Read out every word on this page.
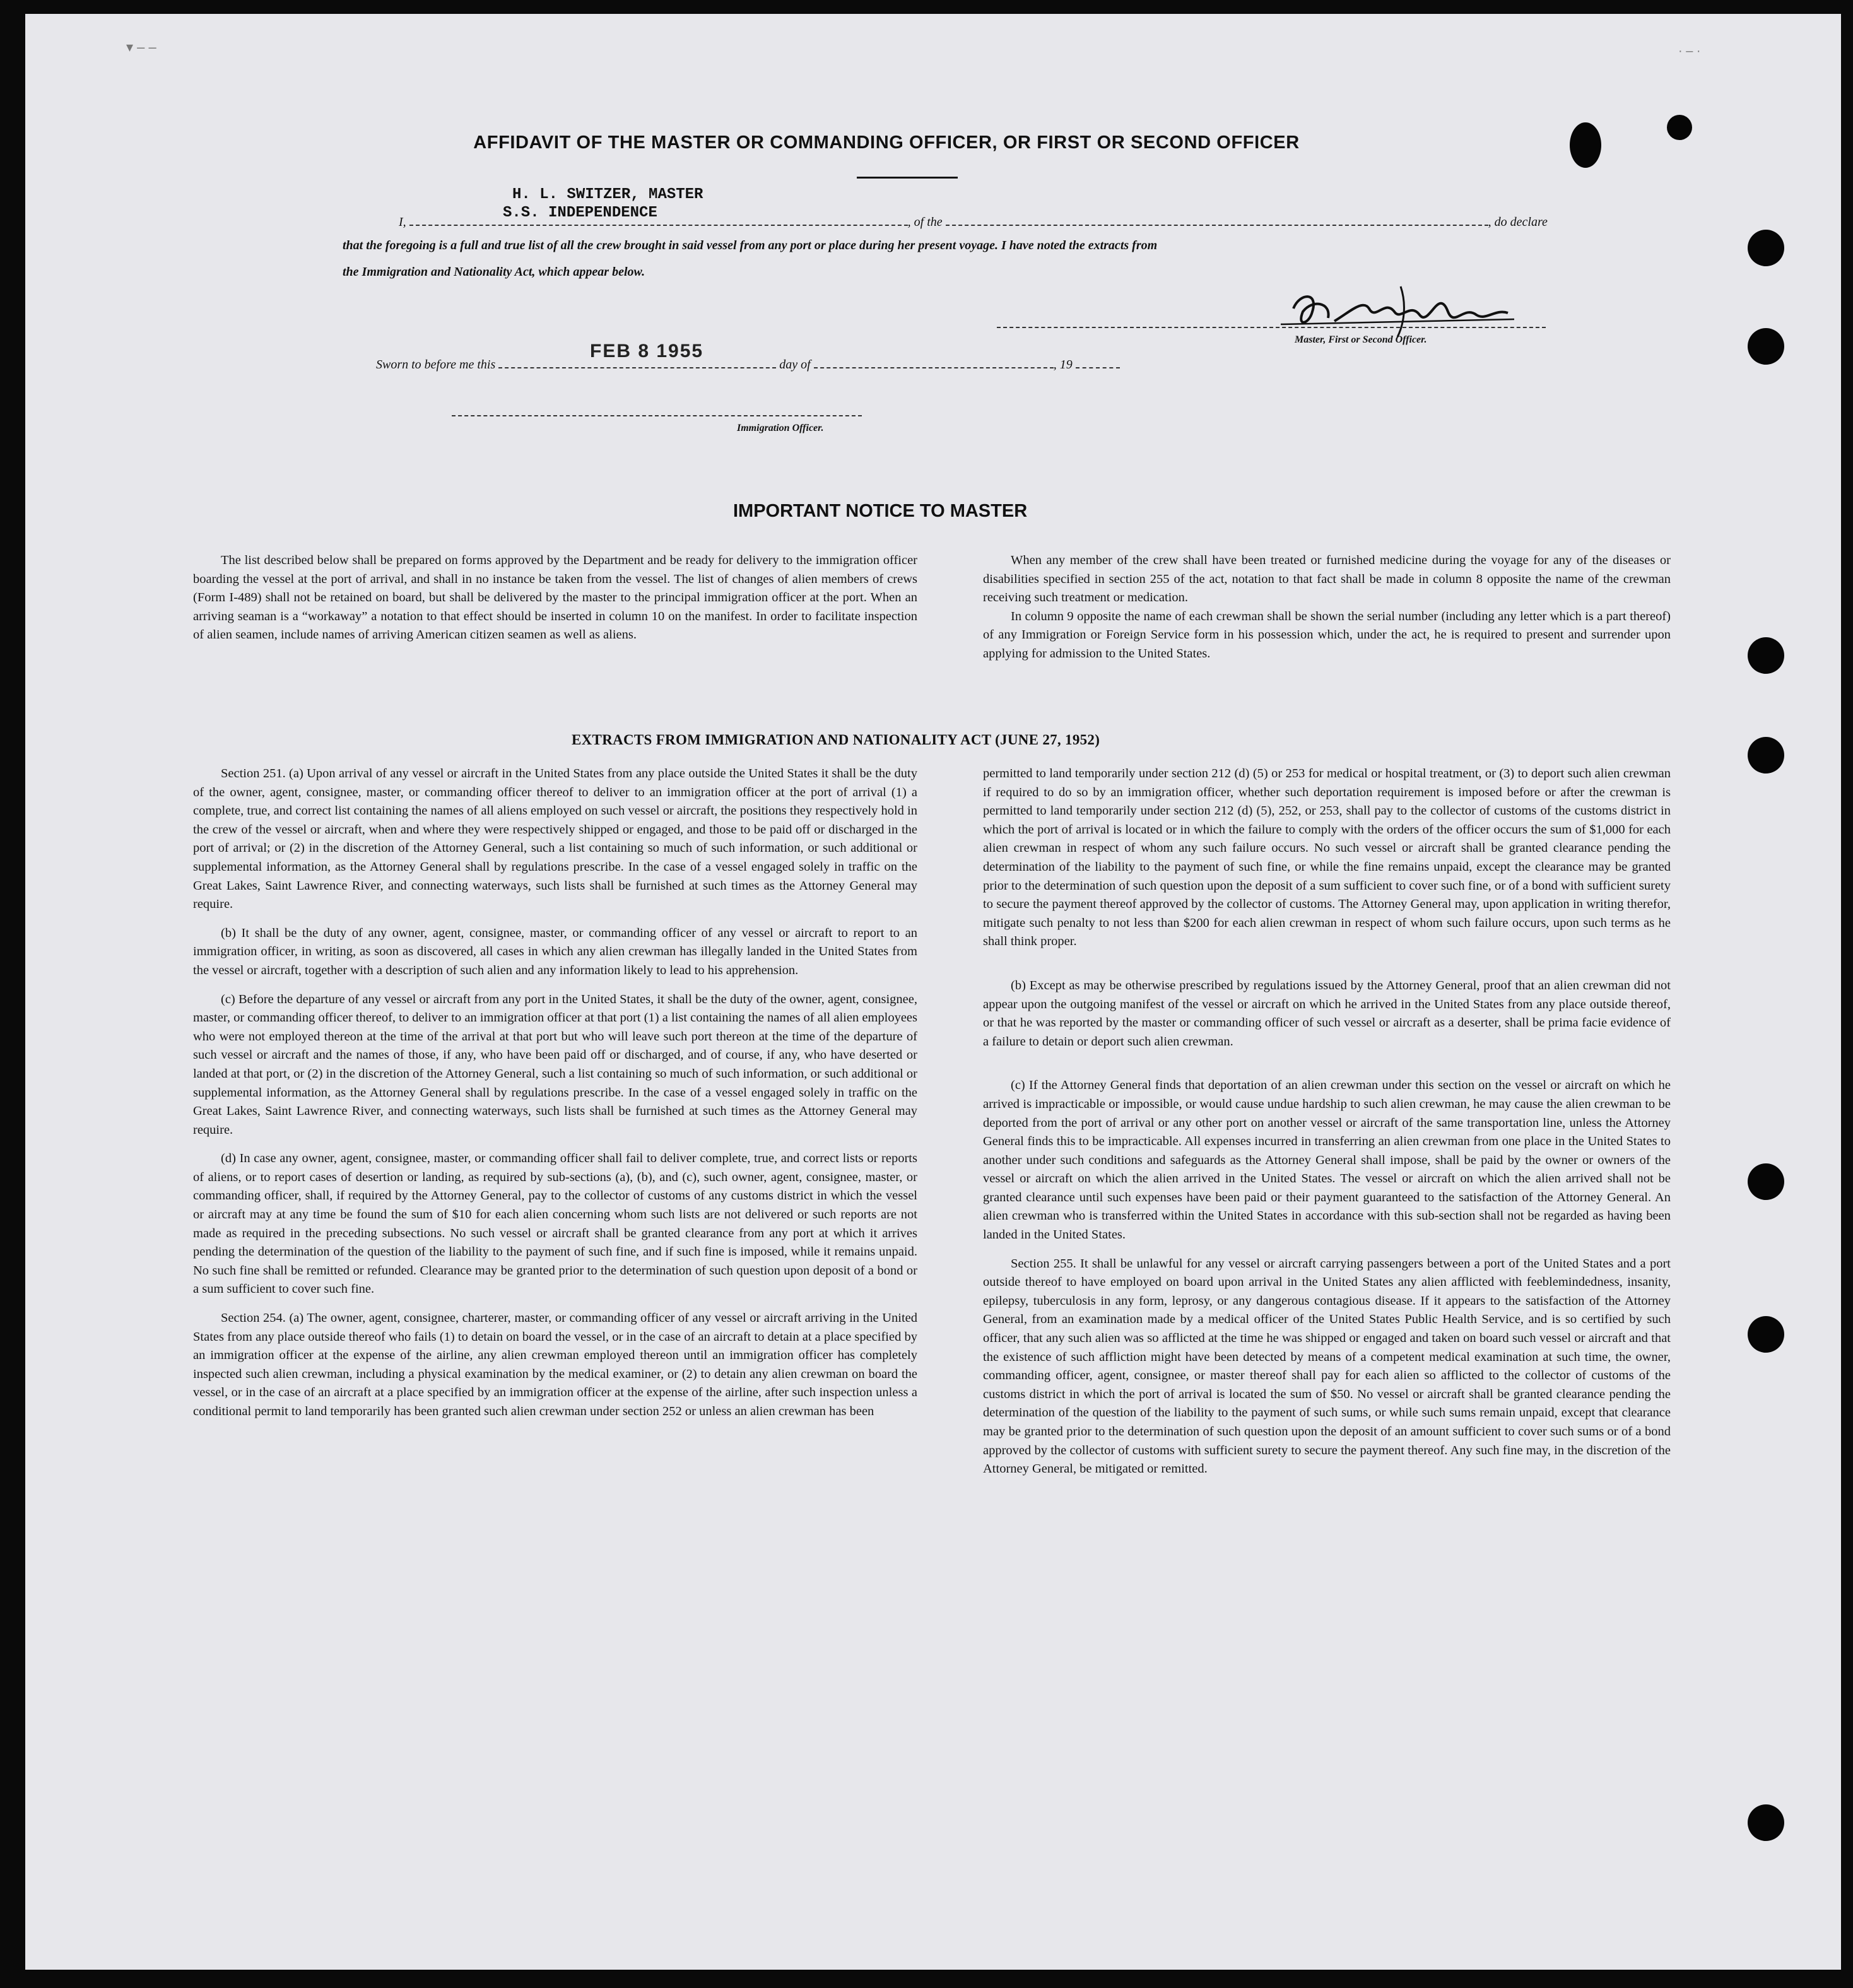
▾ – –	· – ·
AFFIDAVIT OF THE MASTER OR COMMANDING OFFICER, OR FIRST OR SECOND OFFICER
H. L. SWITZER, MASTER
S.S. INDEPENDENCE
I,	, of the	, do declare
that the foregoing is a full and true list of all the crew brought in said vessel from any port or place during her present voyage. I have noted the extracts from
the Immigration and Nationality Act, which appear below.
Master, First or Second Officer.
Sworn to before me this	day of	, 19
FEB 8 1955
Immigration Officer.
IMPORTANT NOTICE TO MASTER

The list described below shall be prepared on forms approved by the Department and be ready for delivery to the immigration officer boarding the vessel at the port of arrival, and shall in no instance be taken from the vessel. The list of changes of alien members of crews (Form I-489) shall not be retained on board, but shall be delivered by the master to the principal immigration officer at the port. When an arriving seaman is a “workaway” a notation to that effect should be inserted in column 10 on the manifest. In order to facilitate inspection of alien seamen, include names of arriving American citizen seamen as well as aliens.

When any member of the crew shall have been treated or furnished medicine during the voyage for any of the diseases or disabilities specified in section 255 of the act, notation to that fact shall be made in column 8 opposite the name of the crewman receiving such treatment or medication.

In column 9 opposite the name of each crewman shall be shown the serial number (including any letter which is a part thereof) of any Immigration or Foreign Service form in his possession which, under the act, he is required to present and surrender upon applying for admission to the United States.

EXTRACTS FROM IMMIGRATION AND NATIONALITY ACT (JUNE 27, 1952)

Section 251. (a) Upon arrival of any vessel or aircraft in the United States from any place outside the United States it shall be the duty of the owner, agent, consignee, master, or commanding officer thereof to deliver to an immigration officer at the port of arrival (1) a complete, true, and correct list containing the names of all aliens employed on such vessel or aircraft, the positions they respectively hold in the crew of the vessel or aircraft, when and where they were respectively shipped or engaged, and those to be paid off or discharged in the port of arrival; or (2) in the discretion of the Attorney General, such a list containing so much of such information, or such additional or supplemental information, as the Attorney General shall by regulations prescribe. In the case of a vessel engaged solely in traffic on the Great Lakes, Saint Lawrence River, and connecting waterways, such lists shall be furnished at such times as the Attorney General may require.

(b) It shall be the duty of any owner, agent, consignee, master, or commanding officer of any vessel or aircraft to report to an immigration officer, in writing, as soon as discovered, all cases in which any alien crewman has illegally landed in the United States from the vessel or aircraft, together with a description of such alien and any information likely to lead to his apprehension.

(c) Before the departure of any vessel or aircraft from any port in the United States, it shall be the duty of the owner, agent, consignee, master, or commanding officer thereof, to deliver to an immigration officer at that port (1) a list containing the names of all alien employees who were not employed thereon at the time of the arrival at that port but who will leave such port thereon at the time of the departure of such vessel or aircraft and the names of those, if any, who have been paid off or discharged, and of course, if any, who have deserted or landed at that port, or (2) in the discretion of the Attorney General, such a list containing so much of such information, or such additional or supplemental information, as the Attorney General shall by regulations prescribe. In the case of a vessel engaged solely in traffic on the Great Lakes, Saint Lawrence River, and connecting waterways, such lists shall be furnished at such times as the Attorney General may require.

(d) In case any owner, agent, consignee, master, or commanding officer shall fail to deliver complete, true, and correct lists or reports of aliens, or to report cases of desertion or landing, as required by sub-sections (a), (b), and (c), such owner, agent, consignee, master, or commanding officer, shall, if required by the Attorney General, pay to the collector of customs of any customs district in which the vessel or aircraft may at any time be found the sum of $10 for each alien concerning whom such lists are not delivered or such reports are not made as required in the preceding subsections. No such vessel or aircraft shall be granted clearance from any port at which it arrives pending the determination of the question of the liability to the payment of such fine, and if such fine is imposed, while it remains unpaid. No such fine shall be remitted or refunded. Clearance may be granted prior to the determination of such question upon deposit of a bond or a sum sufficient to cover such fine.

Section 254. (a) The owner, agent, consignee, charterer, master, or commanding officer of any vessel or aircraft arriving in the United States from any place outside thereof who fails (1) to detain on board the vessel, or in the case of an aircraft to detain at a place specified by an immigration officer at the expense of the airline, any alien crewman employed thereon until an immigration officer has completely inspected such alien crewman, including a physical examination by the medical examiner, or (2) to detain any alien crewman on board the vessel, or in the case of an aircraft at a place specified by an immigration officer at the expense of the airline, after such inspection unless a conditional permit to land temporarily has been granted such alien crewman under section 252 or unless an alien crewman has been

permitted to land temporarily under section 212 (d) (5) or 253 for medical or hospital treatment, or (3) to deport such alien crewman if required to do so by an immigration officer, whether such deportation requirement is imposed before or after the crewman is permitted to land temporarily under section 212 (d) (5), 252, or 253, shall pay to the collector of customs of the customs district in which the port of arrival is located or in which the failure to comply with the orders of the officer occurs the sum of $1,000 for each alien crewman in respect of whom any such failure occurs. No such vessel or aircraft shall be granted clearance pending the determination of the liability to the payment of such fine, or while the fine remains unpaid, except the clearance may be granted prior to the determination of such question upon the deposit of a sum sufficient to cover such fine, or of a bond with sufficient surety to secure the payment thereof approved by the collector of customs. The Attorney General may, upon application in writing therefor, mitigate such penalty to not less than $200 for each alien crewman in respect of whom such failure occurs, upon such terms as he shall think proper.

(b) Except as may be otherwise prescribed by regulations issued by the Attorney General, proof that an alien crewman did not appear upon the outgoing manifest of the vessel or aircraft on which he arrived in the United States from any place outside thereof, or that he was reported by the master or commanding officer of such vessel or aircraft as a deserter, shall be prima facie evidence of a failure to detain or deport such alien crewman.

(c) If the Attorney General finds that deportation of an alien crewman under this section on the vessel or aircraft on which he arrived is impracticable or impossible, or would cause undue hardship to such alien crewman, he may cause the alien crewman to be deported from the port of arrival or any other port on another vessel or aircraft of the same transportation line, unless the Attorney General finds this to be impracticable. All expenses incurred in transferring an alien crewman from one place in the United States to another under such conditions and safeguards as the Attorney General shall impose, shall be paid by the owner or owners of the vessel or aircraft on which the alien arrived in the United States. The vessel or aircraft on which the alien arrived shall not be granted clearance until such expenses have been paid or their payment guaranteed to the satisfaction of the Attorney General. An alien crewman who is transferred within the United States in accordance with this sub-section shall not be regarded as having been landed in the United States.

Section 255. It shall be unlawful for any vessel or aircraft carrying passengers between a port of the United States and a port outside thereof to have employed on board upon arrival in the United States any alien afflicted with feeblemindedness, insanity, epilepsy, tuberculosis in any form, leprosy, or any dangerous contagious disease. If it appears to the satisfaction of the Attorney General, from an examination made by a medical officer of the United States Public Health Service, and is so certified by such officer, that any such alien was so afflicted at the time he was shipped or engaged and taken on board such vessel or aircraft and that the existence of such affliction might have been detected by means of a competent medical examination at such time, the owner, commanding officer, agent, consignee, or master thereof shall pay for each alien so afflicted to the collector of customs of the customs district in which the port of arrival is located the sum of $50. No vessel or aircraft shall be granted clearance pending the determination of the question of the liability to the payment of such sums, or while such sums remain unpaid, except that clearance may be granted prior to the determination of such question upon the deposit of an amount sufficient to cover such sums or of a bond approved by the collector of customs with sufficient surety to secure the payment thereof. Any such fine may, in the discretion of the Attorney General, be mitigated or remitted.
